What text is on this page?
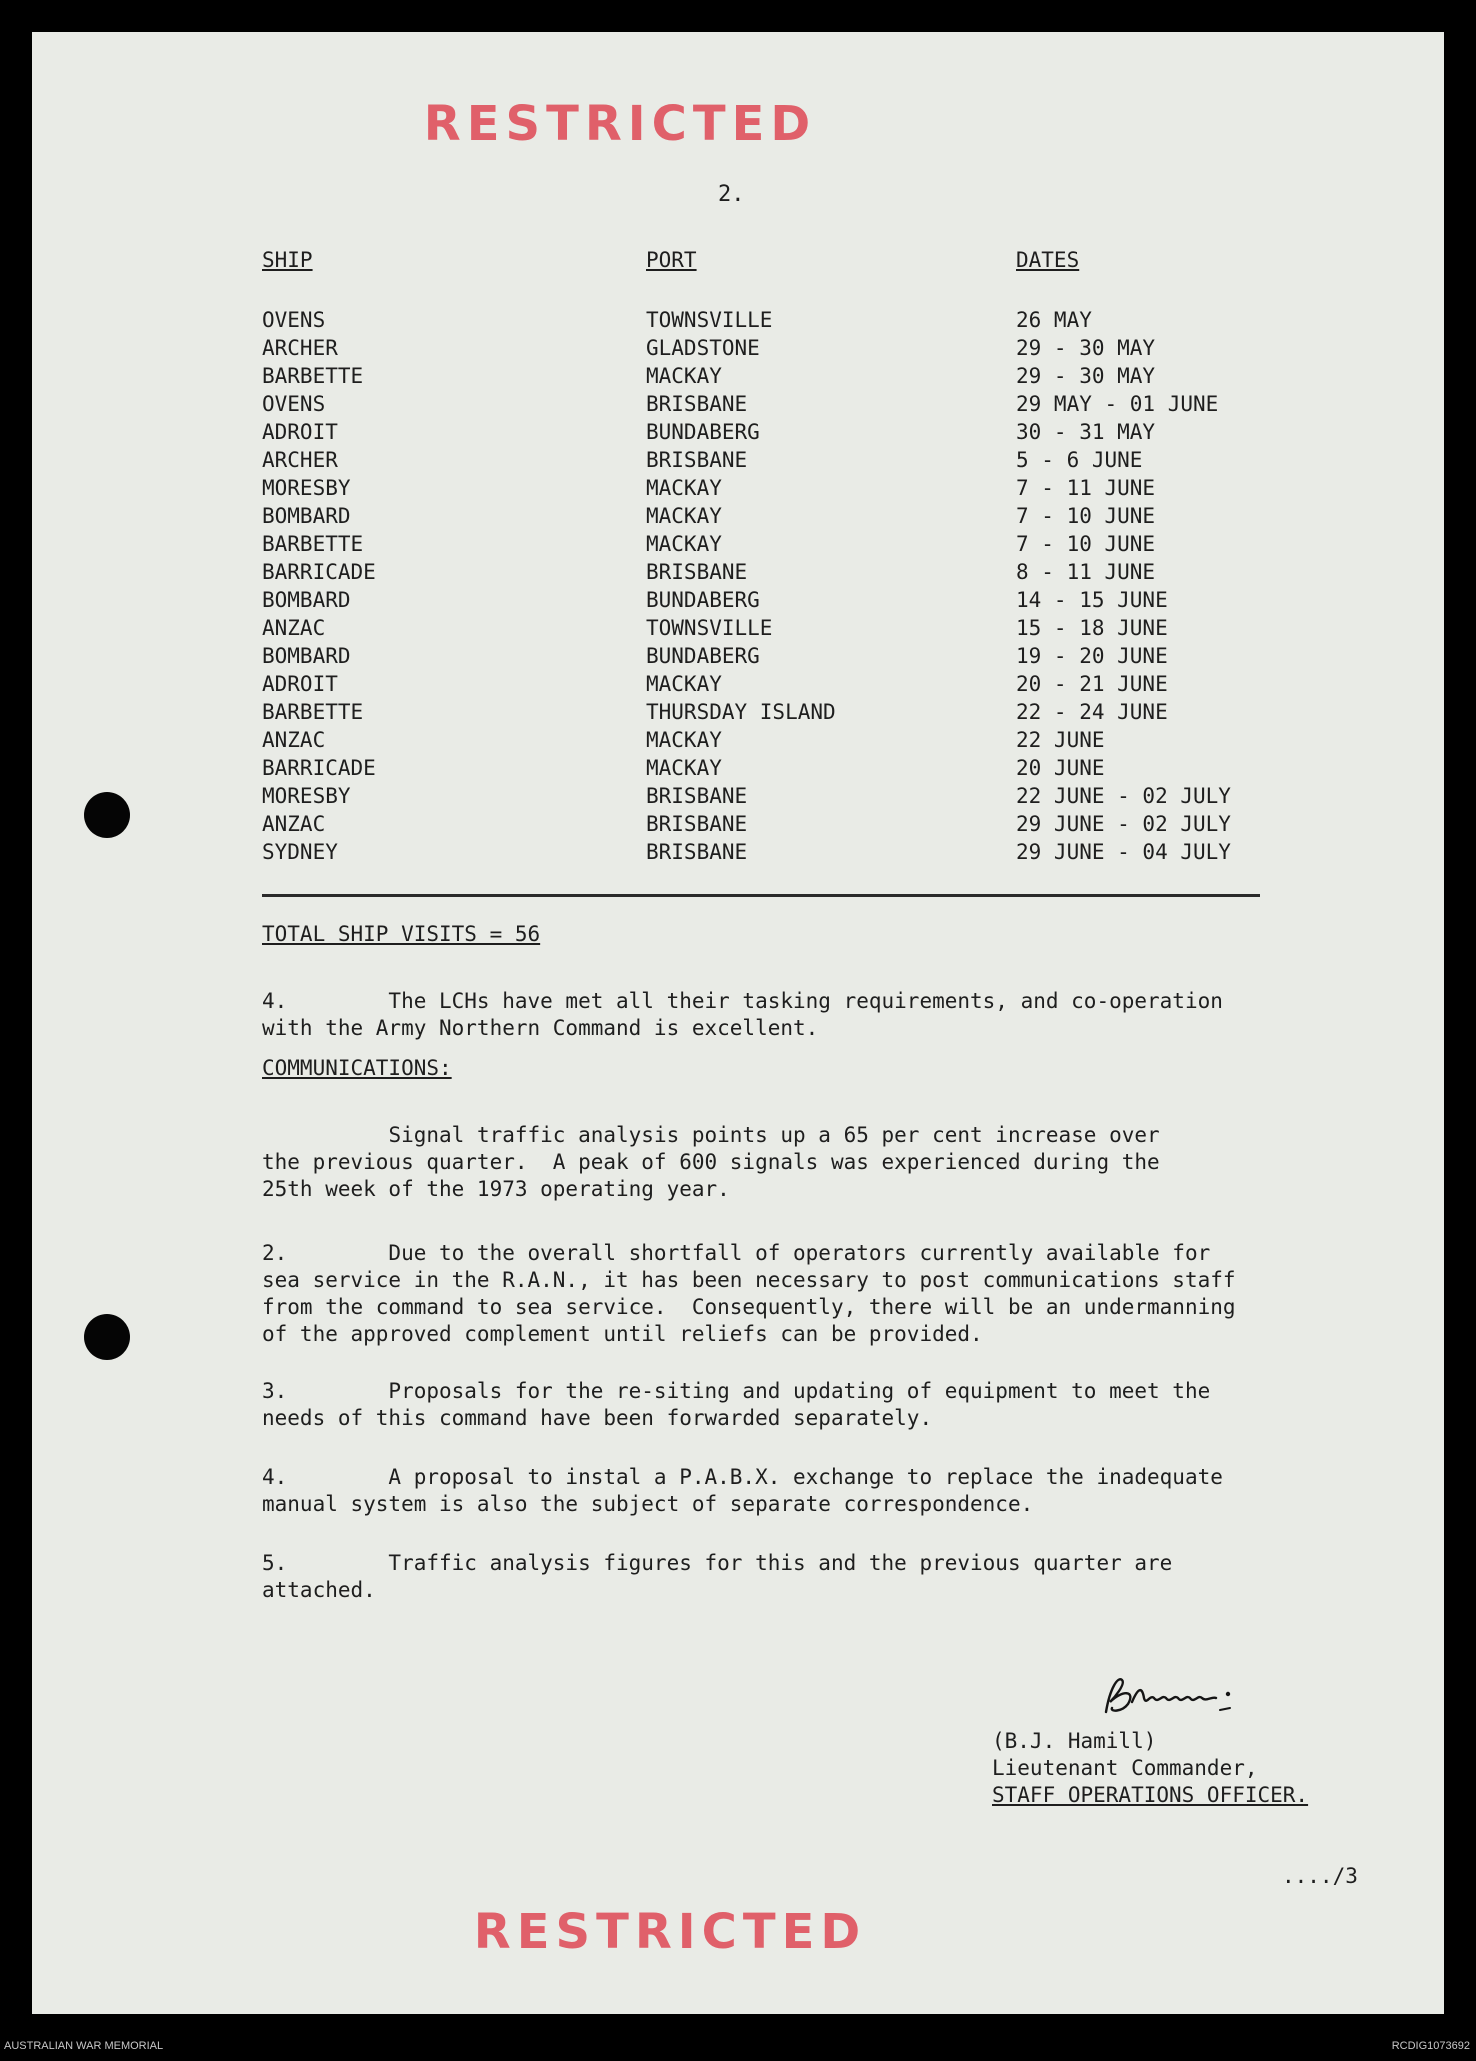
RESTRICTED
2.
SHIP	PORT	DATES
OVENS	TOWNSVILLE	26 MAY
ARCHER	GLADSTONE	29 - 30 MAY
BARBETTE	MACKAY	29 - 30 MAY
OVENS	BRISBANE	29 MAY - 01 JUNE
ADROIT	BUNDABERG	30 - 31 MAY
ARCHER	BRISBANE	5 - 6 JUNE
MORESBY	MACKAY	7 - 11 JUNE
BOMBARD	MACKAY	7 - 10 JUNE
BARBETTE	MACKAY	7 - 10 JUNE
BARRICADE	BRISBANE	8 - 11 JUNE
BOMBARD	BUNDABERG	14 - 15 JUNE
ANZAC	TOWNSVILLE	15 - 18 JUNE
BOMBARD	BUNDABERG	19 - 20 JUNE
ADROIT	MACKAY	20 - 21 JUNE
BARBETTE	THURSDAY ISLAND	22 - 24 JUNE
ANZAC	MACKAY	22 JUNE
BARRICADE	MACKAY	20 JUNE
MORESBY	BRISBANE	22 JUNE - 02 JULY
ANZAC	BRISBANE	29 JUNE - 02 JULY
SYDNEY	BRISBANE	29 JUNE - 04 JULY
TOTAL SHIP VISITS = 56
4.        The LCHs have met all their tasking requirements, and co-operation
with the Army Northern Command is excellent.
COMMUNICATIONS:
Signal traffic analysis points up a 65 per cent increase over
the previous quarter.  A peak of 600 signals was experienced during the
25th week of the 1973 operating year.
2.        Due to the overall shortfall of operators currently available for
sea service in the R.A.N., it has been necessary to post communications staff
from the command to sea service.  Consequently, there will be an undermanning
of the approved complement until reliefs can be provided.
3.        Proposals for the re-siting and updating of equipment to meet the
needs of this command have been forwarded separately.
4.        A proposal to instal a P.A.B.X. exchange to replace the inadequate
manual system is also the subject of separate correspondence.
5.        Traffic analysis figures for this and the previous quarter are
attached.
(B.J. Hamill)
Lieutenant Commander,
STAFF OPERATIONS OFFICER.
..../3
RESTRICTED
AUSTRALIAN WAR MEMORIAL	RCDIG1073692
